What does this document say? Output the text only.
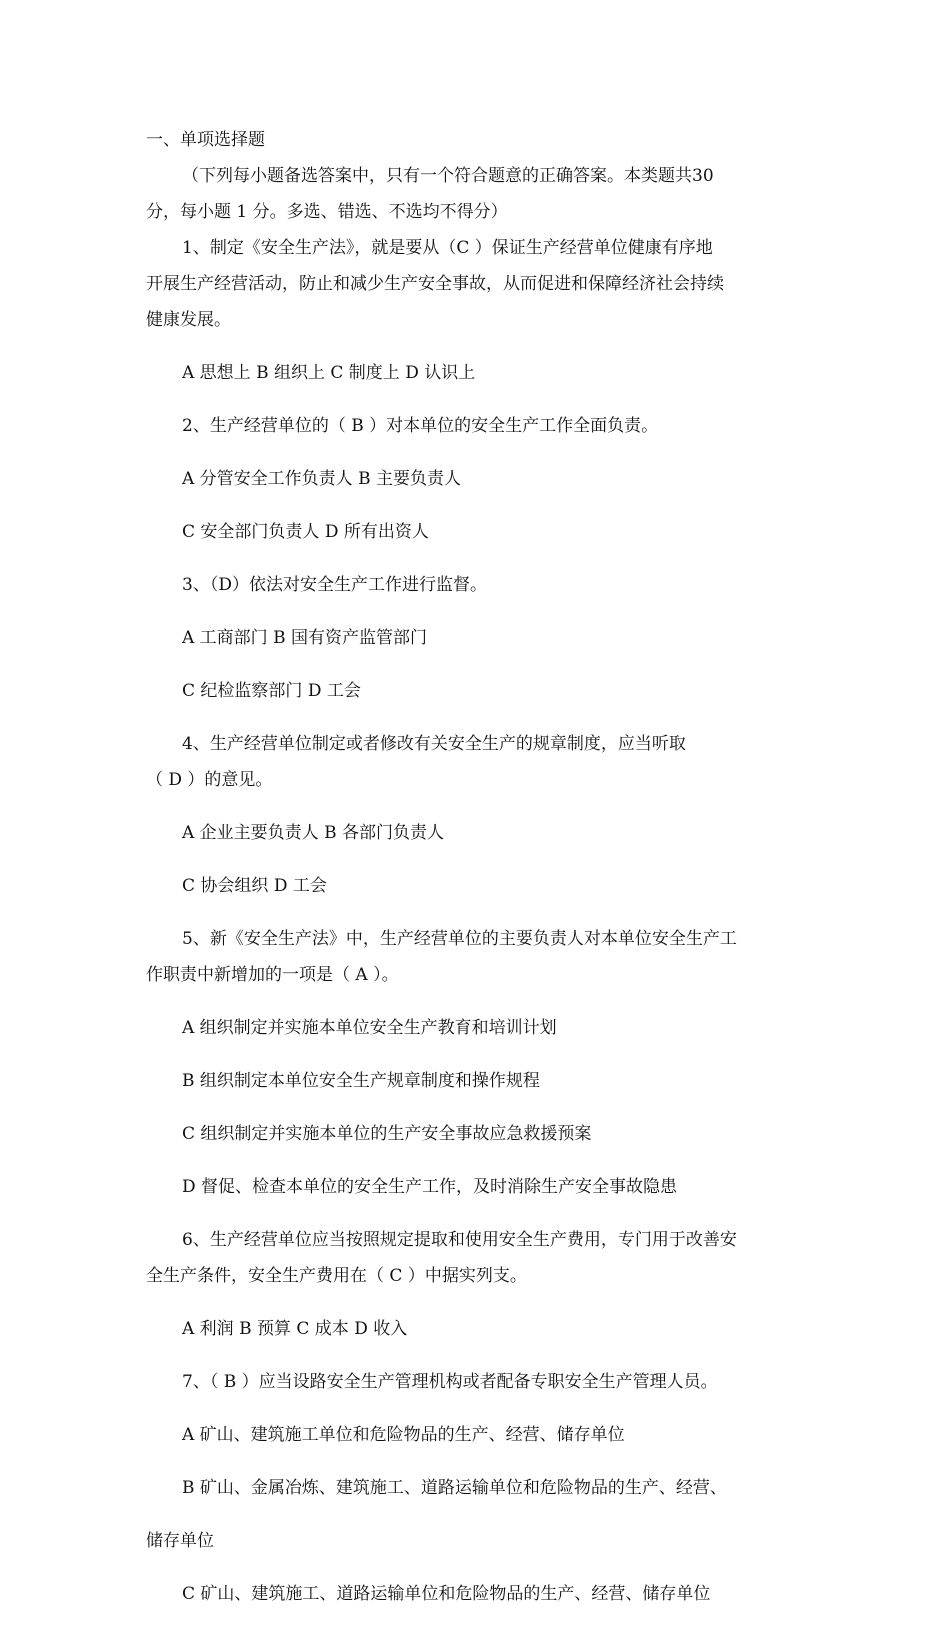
一、单项选择题

（下列每小题备选答案中，只有一个符合题意的正确答案。本类题共30

分，每小题 1 分。多选、错选、不选均不得分）

1、制定《安全生产法》，就是要从（C ）保证生产经营单位健康有序地

开展生产经营活动，防止和减少生产安全事故，从而促进和保障经济社会持续

健康发展。

A 思想上 B 组织上 C 制度上 D 认识上

2、生产经营单位的（ B ）对本单位的安全生产工作全面负责。

A 分管安全工作负责人 B 主要负责人

C 安全部门负责人 D 所有出资人

3、（D）依法对安全生产工作进行监督。

A 工商部门 B 国有资产监管部门

C 纪检监察部门 D 工会

4、生产经营单位制定或者修改有关安全生产的规章制度，应当听取

（ D ）的意见。

A 企业主要负责人 B 各部门负责人

C 协会组织 D 工会

5、新《安全生产法》中，生产经营单位的主要负责人对本单位安全生产工

作职责中新增加的一项是（ A ）。

A 组织制定并实施本单位安全生产教育和培训计划

B 组织制定本单位安全生产规章制度和操作规程

C 组织制定并实施本单位的生产安全事故应急救援预案

D 督促、检查本单位的安全生产工作，及时消除生产安全事故隐患

6、生产经营单位应当按照规定提取和使用安全生产费用，专门用于改善安

全生产条件，安全生产费用在（ C ）中据实列支。

A 利润 B 预算 C 成本 D 收入

7、（ B ）应当设路安全生产管理机构或者配备专职安全生产管理人员。

A 矿山、建筑施工单位和危险物品的生产、经营、储存单位

B 矿山、金属冶炼、建筑施工、道路运输单位和危险物品的生产、经营、

储存单位

C 矿山、建筑施工、道路运输单位和危险物品的生产、经营、储存单位
